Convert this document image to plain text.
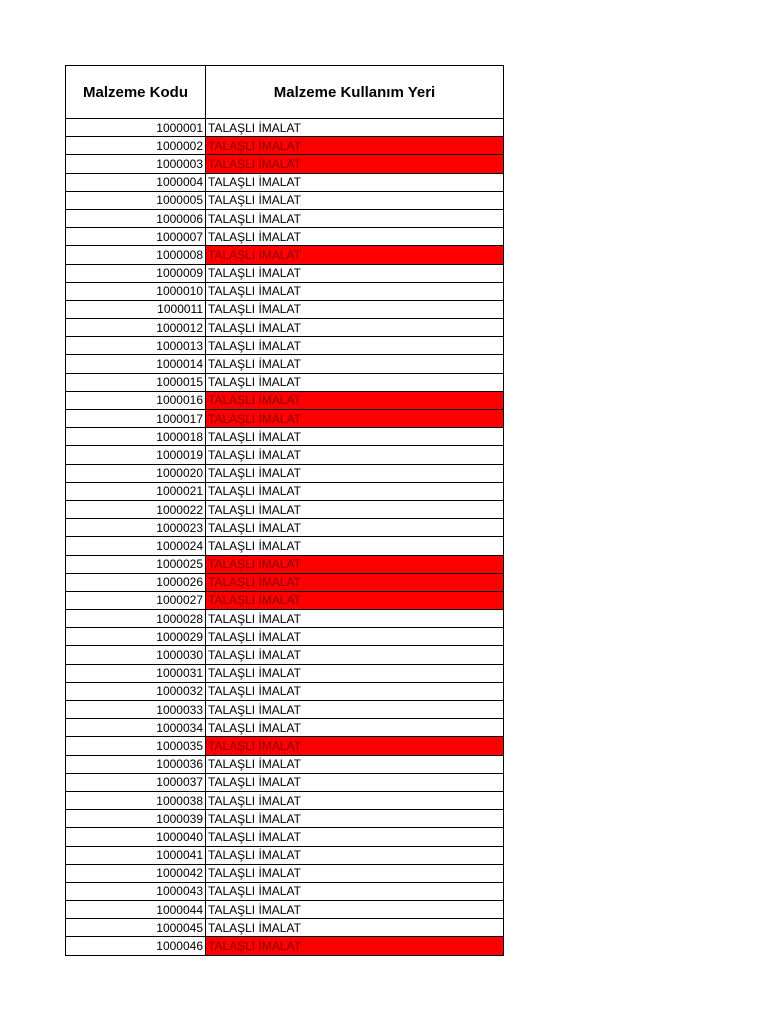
Malzeme Kodu	Malzeme Kullanım Yeri
1000001	TALAŞLI İMALAT
1000002	TALAŞLI İMALAT
1000003	TALAŞLI İMALAT
1000004	TALAŞLI İMALAT
1000005	TALAŞLI İMALAT
1000006	TALAŞLI İMALAT
1000007	TALAŞLI İMALAT
1000008	TALAŞLI İMALAT
1000009	TALAŞLI İMALAT
1000010	TALAŞLI İMALAT
1000011	TALAŞLI İMALAT
1000012	TALAŞLI İMALAT
1000013	TALAŞLI İMALAT
1000014	TALAŞLI İMALAT
1000015	TALAŞLI İMALAT
1000016	TALAŞLI İMALAT
1000017	TALAŞLI İMALAT
1000018	TALAŞLI İMALAT
1000019	TALAŞLI İMALAT
1000020	TALAŞLI İMALAT
1000021	TALAŞLI İMALAT
1000022	TALAŞLI İMALAT
1000023	TALAŞLI İMALAT
1000024	TALAŞLI İMALAT
1000025	TALAŞLI İMALAT
1000026	TALAŞLI İMALAT
1000027	TALAŞLI İMALAT
1000028	TALAŞLI İMALAT
1000029	TALAŞLI İMALAT
1000030	TALAŞLI İMALAT
1000031	TALAŞLI İMALAT
1000032	TALAŞLI İMALAT
1000033	TALAŞLI İMALAT
1000034	TALAŞLI İMALAT
1000035	TALAŞLI İMALAT
1000036	TALAŞLI İMALAT
1000037	TALAŞLI İMALAT
1000038	TALAŞLI İMALAT
1000039	TALAŞLI İMALAT
1000040	TALAŞLI İMALAT
1000041	TALAŞLI İMALAT
1000042	TALAŞLI İMALAT
1000043	TALAŞLI İMALAT
1000044	TALAŞLI İMALAT
1000045	TALAŞLI İMALAT
1000046	TALAŞLI İMALAT
